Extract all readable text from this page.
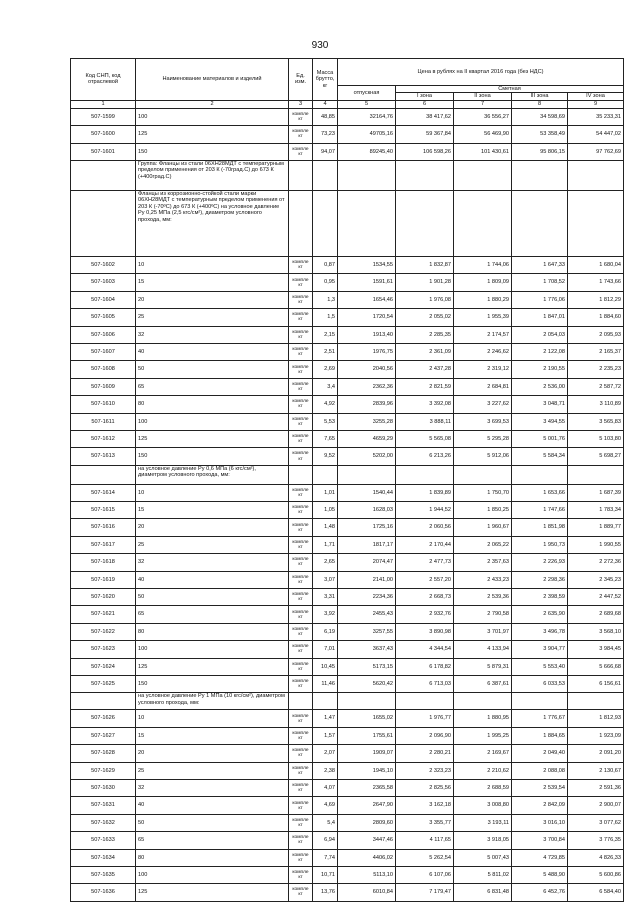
930
Код СНП, код отраслевой	Наименование материалов и изделий	Ед. изм.	Масса брутто, кг	Цена в рублях на II квартал 2016 года (без НДС)				
				отпускная	Сметная			
					I зона	II зона	III зона	IV зона
1	2	3	4	5	6	7	8	9
507-1599	100	компле кт	48,85	32164,76	38 417,62	36 556,27	34 598,69	35 233,31
507-1600	125	компле кт	73,23	49705,16	59 367,84	56 469,90	53 358,49	54 447,02
507-1601	150	компле кт	94,07	89245,40	106 598,26	101 430,61	95 806,15	97 762,69
	Группа: Фланцы из стали 06ХН28МДТ с температурным пределом применения от 203 К (-70град.С) до 673 К (+400град.С)							
	Фланцы из коррозионно-стойкой стали марки 06ХН28МДТ с температурным пределом применения от 203 К (-70ºС) до 673 К (+400ºС) на условное давление Ру 0,25 МПа (2,5 кгс/см²), диаметром условного прохода, мм:							
507-1602	10	компле кт	0,87	1534,55	1 832,87	1 744,06	1 647,33	1 680,04
507-1603	15	компле кт	0,95	1591,61	1 901,28	1 809,09	1 708,52	1 743,66
507-1604	20	компле кт	1,3	1654,46	1 976,08	1 880,29	1 776,06	1 812,29
507-1605	25	компле кт	1,5	1720,54	2 055,02	1 955,39	1 847,01	1 884,60
507-1606	32	компле кт	2,15	1913,40	2 285,35	2 174,57	2 054,03	2 095,93
507-1607	40	компле кт	2,51	1976,75	2 361,09	2 246,62	2 122,08	2 165,37
507-1608	50	компле кт	2,69	2040,56	2 437,28	2 319,12	2 190,55	2 235,23
507-1609	65	компле кт	3,4	2362,36	2 821,59	2 684,81	2 536,00	2 587,72
507-1610	80	компле кт	4,92	2839,96	3 392,08	3 227,62	3 048,71	3 110,89
507-1611	100	компле кт	5,53	3255,28	3 888,11	3 699,53	3 494,55	3 565,83
507-1612	125	компле кт	7,65	4659,29	5 565,08	5 295,28	5 001,76	5 103,80
507-1613	150	компле кт	9,52	5202,00	6 213,26	5 912,06	5 584,34	5 698,27
	на условное давление Ру 0,6 МПа (6 кгс/см²), диаметром условного прохода, мм:							
507-1614	10	компле кт	1,01	1540,44	1 839,89	1 750,70	1 653,66	1 687,39
507-1615	15	компле кт	1,05	1628,03	1 944,52	1 850,25	1 747,66	1 783,34
507-1616	20	компле кт	1,48	1725,16	2 060,56	1 960,67	1 851,98	1 889,77
507-1617	25	компле кт	1,71	1817,17	2 170,44	2 065,22	1 950,73	1 990,55
507-1618	32	компле кт	2,65	2074,47	2 477,73	2 357,63	2 226,93	2 272,36
507-1619	40	компле кт	3,07	2141,00	2 557,20	2 433,23	2 298,36	2 345,23
507-1620	50	компле кт	3,31	2234,36	2 668,73	2 539,36	2 398,59	2 447,52
507-1621	65	компле кт	3,92	2455,43	2 932,76	2 790,58	2 635,90	2 689,68
507-1622	80	компле кт	6,19	3257,55	3 890,98	3 701,97	3 496,78	3 568,10
507-1623	100	компле кт	7,01	3637,43	4 344,54	4 133,94	3 904,77	3 984,45
507-1624	125	компле кт	10,45	5173,15	6 178,82	5 879,31	5 553,40	5 666,68
507-1625	150	компле кт	11,46	5620,42	6 713,03	6 387,61	6 033,53	6 156,61
	на условное давление Ру 1 МПа (10 кгс/см²), диаметром условного прохода, мм:							
507-1626	10	компле кт	1,47	1655,02	1 976,77	1 880,95	1 776,67	1 812,93
507-1627	15	компле кт	1,57	1755,61	2 096,90	1 995,25	1 884,65	1 923,09
507-1628	20	компле кт	2,07	1909,07	2 280,21	2 169,67	2 049,40	2 091,20
507-1629	25	компле кт	2,38	1945,10	2 323,23	2 210,62	2 088,08	2 130,67
507-1630	32	компле кт	4,07	2365,58	2 825,56	2 688,59	2 539,54	2 591,36
507-1631	40	компле кт	4,69	2647,90	3 162,18	3 008,80	2 842,09	2 900,07
507-1632	50	компле кт	5,4	2809,60	3 355,77	3 193,11	3 016,10	3 077,62
507-1633	65	компле кт	6,94	3447,46	4 117,65	3 918,05	3 700,84	3 776,35
507-1634	80	компле кт	7,74	4406,02	5 262,54	5 007,43	4 729,85	4 826,33
507-1635	100	компле кт	10,71	5113,10	6 107,06	5 811,02	5 488,90	5 600,86
507-1636	125	компле кт	13,76	6010,84	7 179,47	6 831,48	6 452,76	6 584,40
